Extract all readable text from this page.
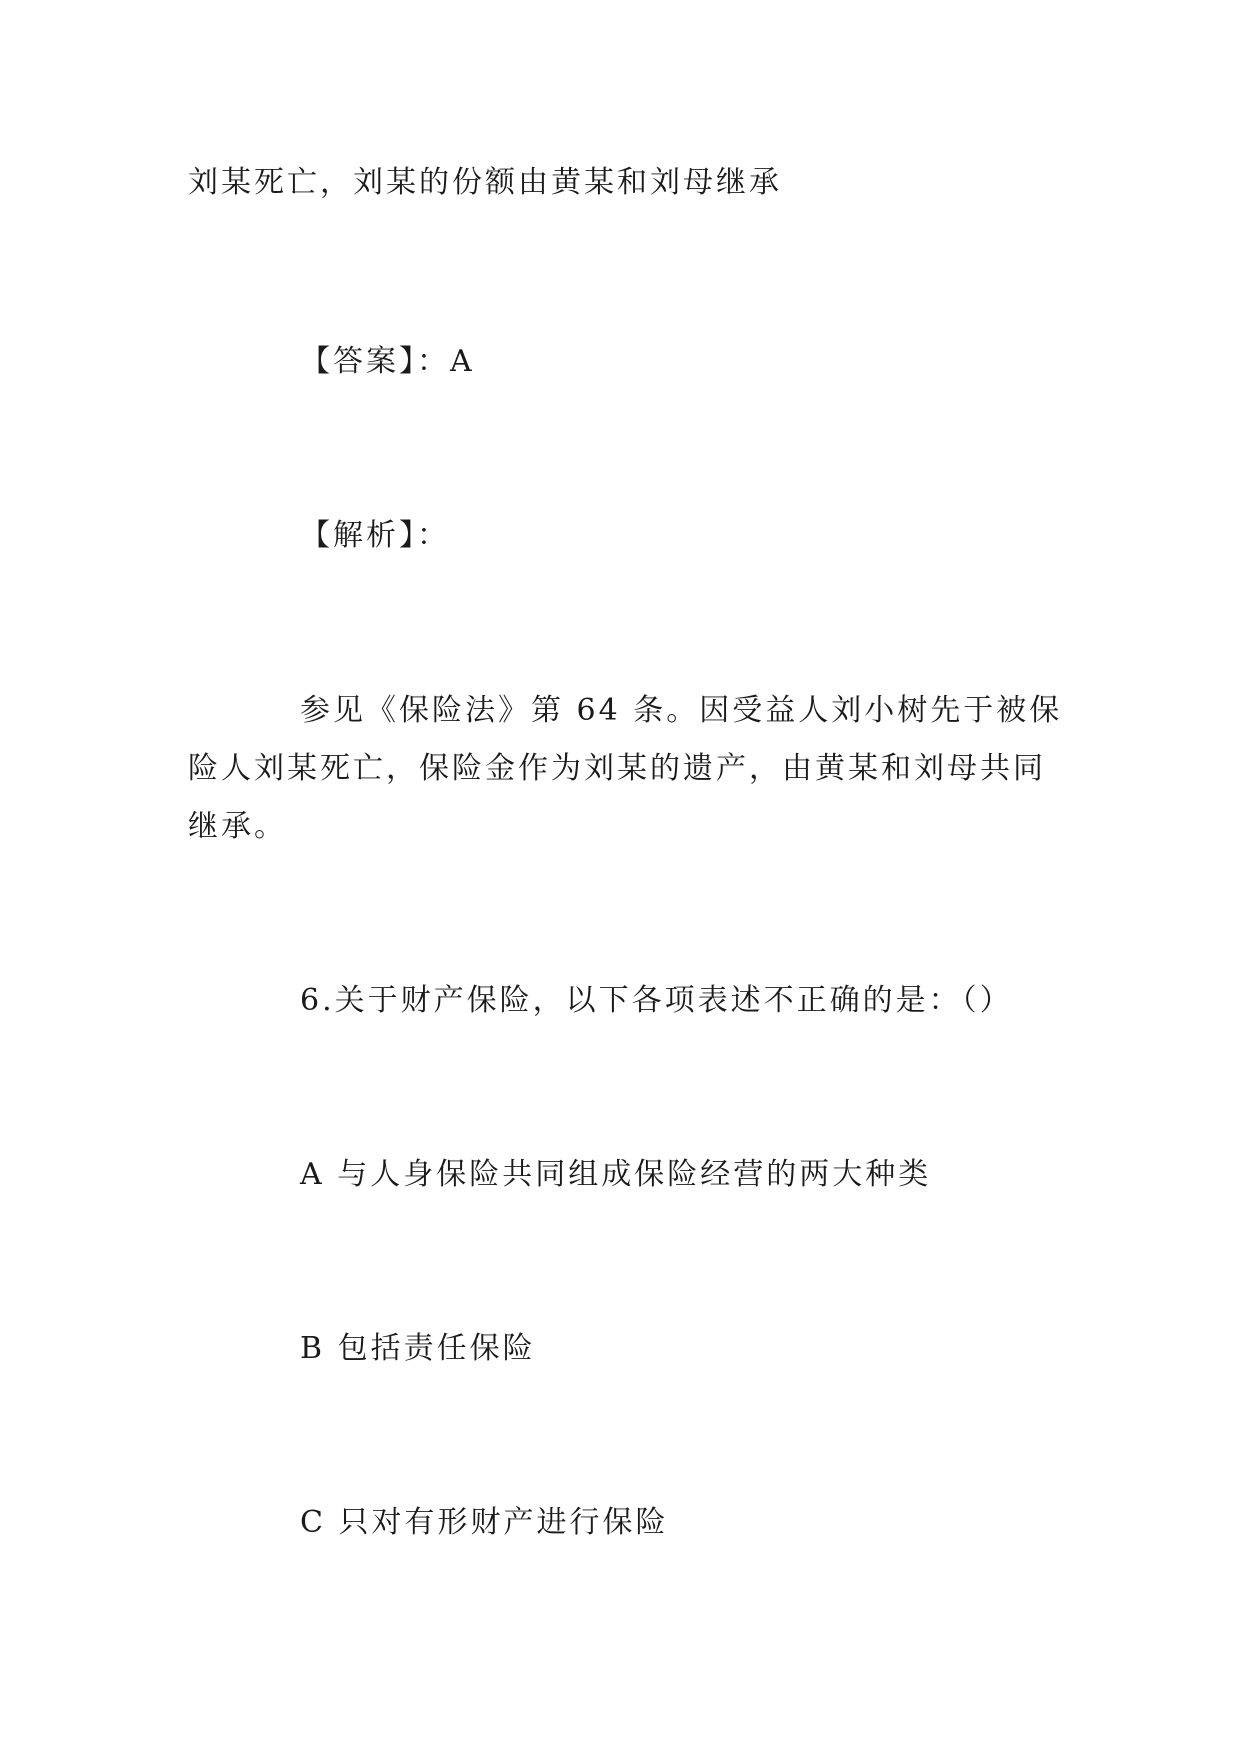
刘某死亡，刘某的份额由黄某和刘母继承

【答案】：A

【解析】：

参见《保险法》第 64 条。因受益人刘小树先于被保
险人刘某死亡，保险金作为刘某的遗产，由黄某和刘母共同
继承。

6.关于财产保险，以下各项表述不正确的是：（）

A 与人身保险共同组成保险经营的两大种类

B 包括责任保险

C 只对有形财产进行保险
